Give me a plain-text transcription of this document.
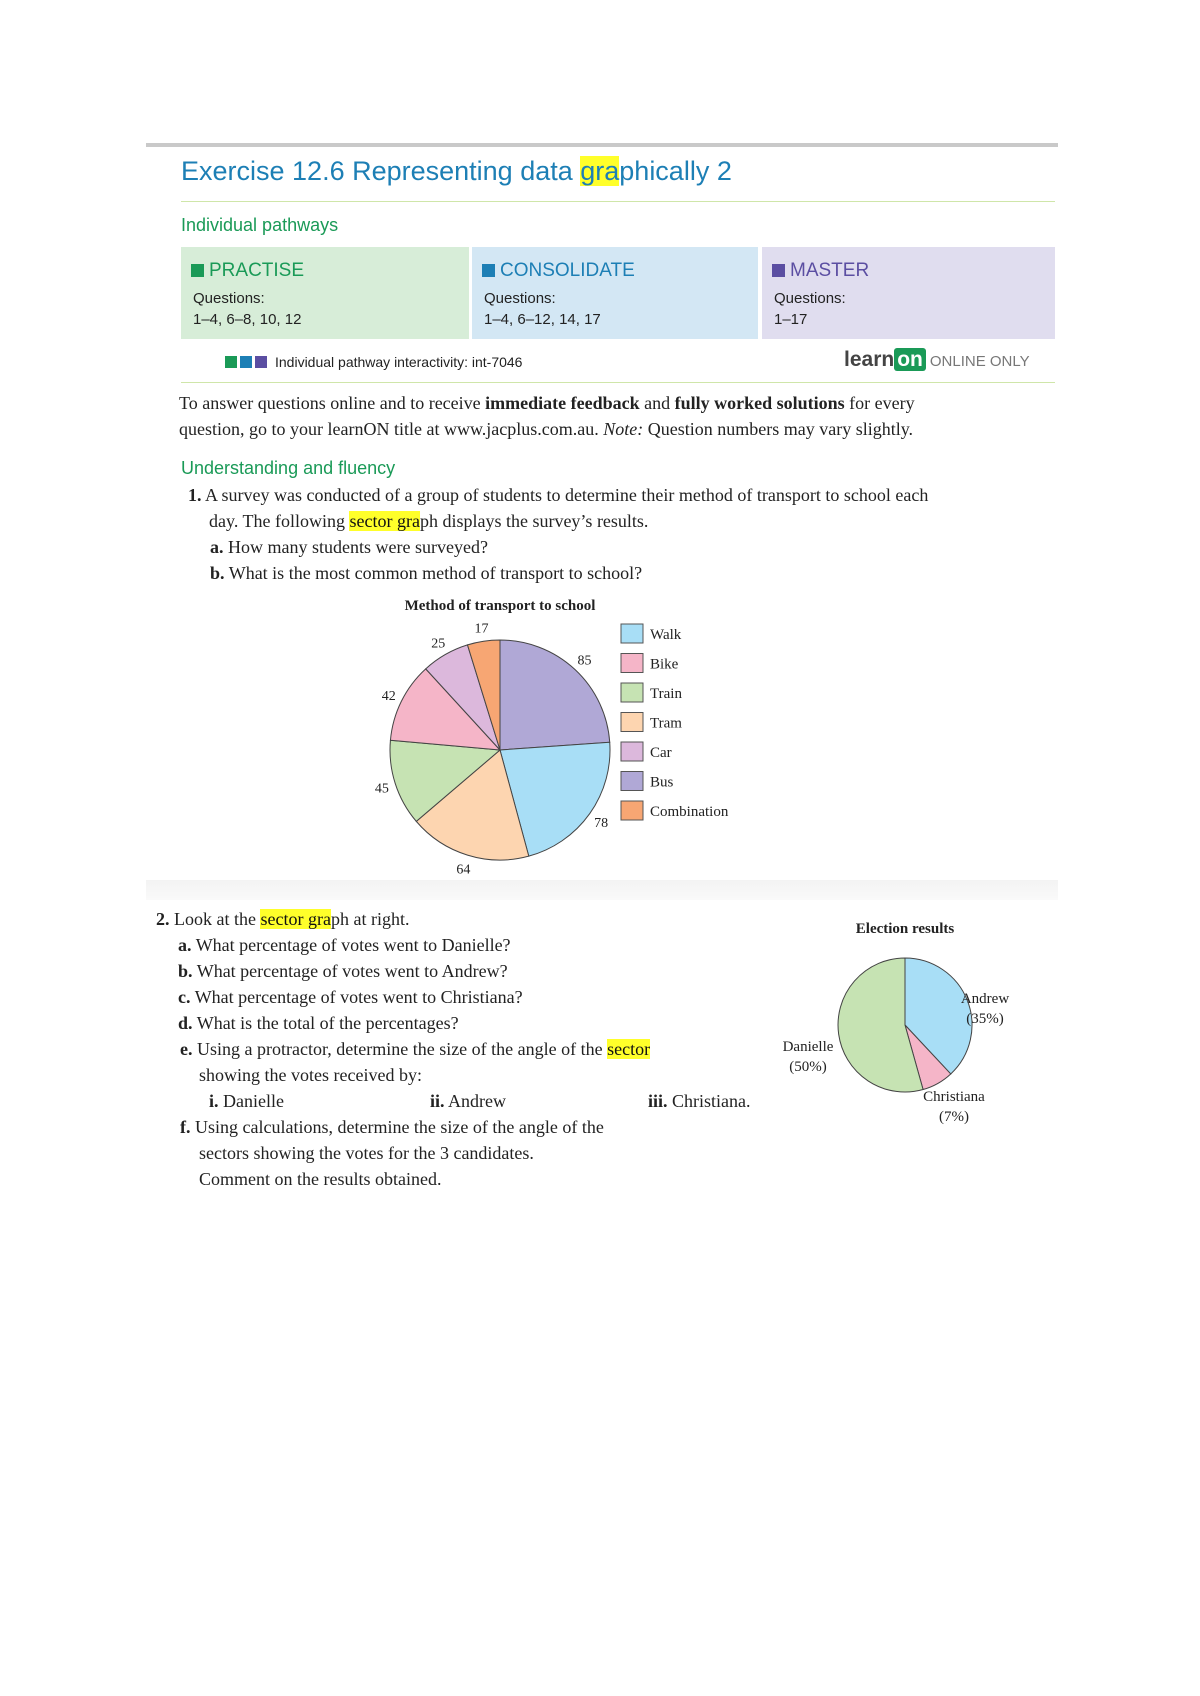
Exercise 12.6 Representing data graphically 2
Individual pathways
PRACTISE
Questions:
1–4, 6–8, 10, 12
CONSOLIDATE
Questions:
1–4, 6–12, 14, 17
MASTER
Questions:
1–17
Individual pathway interactivity: int-7046	learn on ONLINE ONLY
To answer questions online and to receive immediate feedback and fully worked solutions for every
question, go to your learnON title at www.jacplus.com.au. Note: Question numbers may vary slightly.
Understanding and fluency
1. A survey was conducted of a group of students to determine their method of transport to school each
day. The following sector graph displays the survey’s results.
a. How many students were surveyed?
b. What is the most common method of transport to school?
Method of transport to school
85
78
64
45
42
25
17	Walk
Bike
Train
Tram
Car
Bus
Combination
2. Look at the sector graph at right.
a. What percentage of votes went to Danielle?
b. What percentage of votes went to Andrew?
c. What percentage of votes went to Christiana?
d. What is the total of the percentages?
e. Using a protractor, determine the size of the angle of the sector
showing the votes received by:
i. Danielle	ii. Andrew	iii. Christiana.
f. Using calculations, determine the size of the angle of the
sectors showing the votes for the 3 candidates.
Comment on the results obtained.
Election results
Andrew
(35%)
Christiana
(7%)
Danielle
(50%)
